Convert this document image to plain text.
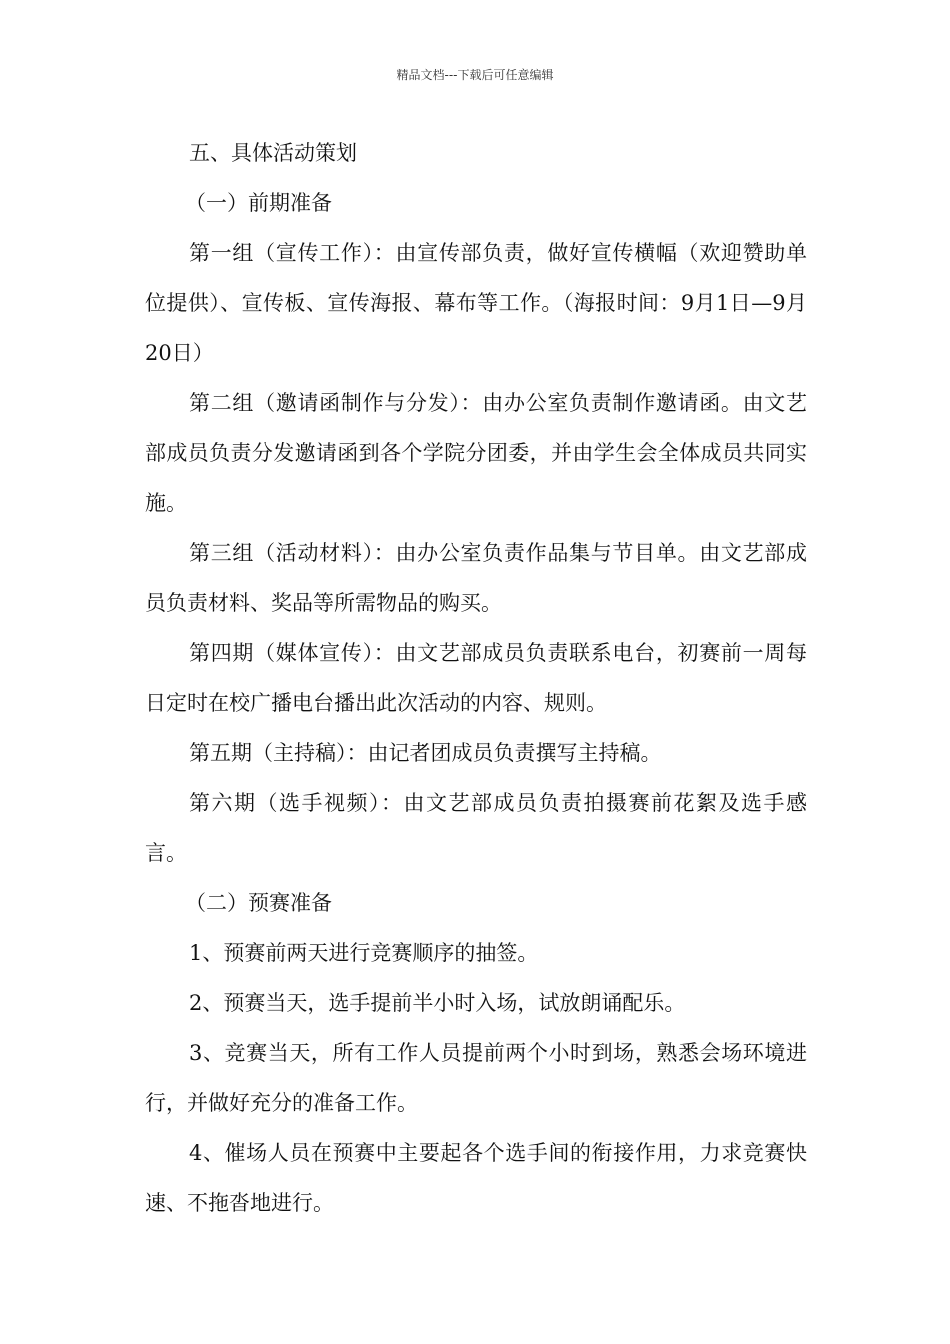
精品文档---下载后可任意编辑

五、具体活动策划

（一）前期准备

第一组（宣传工作）：由宣传部负责，做好宣传横幅（欢迎赞助单位提供）、宣传板、宣传海报、幕布等工作。（海报时间：9月1日—9月20日）

第二组（邀请函制作与分发）：由办公室负责制作邀请函。由文艺部成员负责分发邀请函到各个学院分团委，并由学生会全体成员共同实施。

第三组（活动材料）：由办公室负责作品集与节目单。由文艺部成员负责材料、奖品等所需物品的购买。

第四期（媒体宣传）：由文艺部成员负责联系电台，初赛前一周每日定时在校广播电台播出此次活动的内容、规则。

第五期（主持稿）：由记者团成员负责撰写主持稿。

第六期（选手视频）：由文艺部成员负责拍摄赛前花絮及选手感言。

（二）预赛准备

1、预赛前两天进行竞赛顺序的抽签。

2、预赛当天，选手提前半小时入场，试放朗诵配乐。

3、竞赛当天，所有工作人员提前两个小时到场，熟悉会场环境进行，并做好充分的准备工作。

4、催场人员在预赛中主要起各个选手间的衔接作用，力求竞赛快速、不拖沓地进行。
